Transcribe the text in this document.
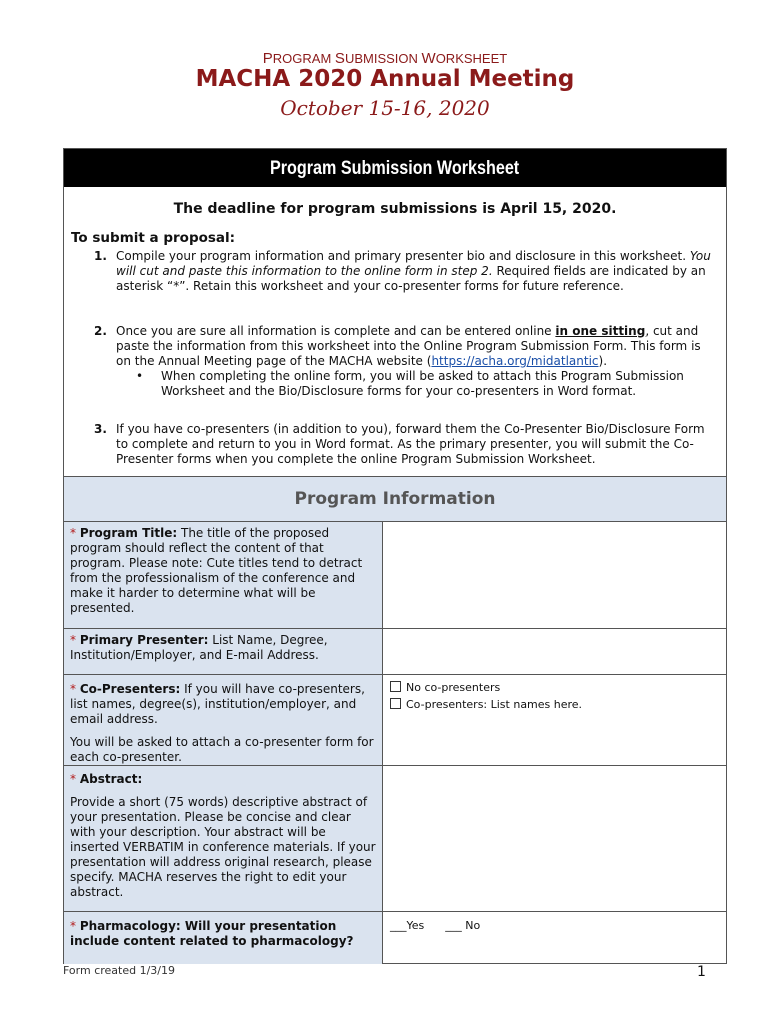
PROGRAM SUBMISSION WORKSHEET
MACHA 2020 Annual Meeting
October 15-16, 2020
Program Submission Worksheet
The deadline for program submissions is April 15, 2020.
To submit a proposal:
1. Compile your program information and primary presenter bio and disclosure in this worksheet. You will cut and paste this information to the online form in step 2. Required fields are indicated by an asterisk “*”. Retain this worksheet and your co-presenter forms for future reference.
2. Once you are sure all information is complete and can be entered online in one sitting, cut and paste the information from this worksheet into the Online Program Submission Form. This form is on the Annual Meeting page of the MACHA website (https://acha.org/midatlantic).
• When completing the online form, you will be asked to attach this Program Submission Worksheet and the Bio/Disclosure forms for your co-presenters in Word format.
3. If you have co-presenters (in addition to you), forward them the Co-Presenter Bio/Disclosure Form to complete and return to you in Word format. As the primary presenter, you will submit the Co-Presenter forms when you complete the online Program Submission Worksheet.
Program Information
* Program Title: The title of the proposed program should reflect the content of that program. Please note: Cute titles tend to detract from the professionalism of the conference and make it harder to determine what will be presented.
* Primary Presenter: List Name, Degree, Institution/Employer, and E-mail Address.
* Co-Presenters: If you will have co-presenters, list names, degree(s), institution/employer, and email address.
You will be asked to attach a co-presenter form for each co-presenter.
No co-presenters
Co-presenters: List names here.
* Abstract:
Provide a short (75 words) descriptive abstract of your presentation. Please be concise and clear with your description. Your abstract will be inserted VERBATIM in conference materials. If your presentation will address original research, please specify. MACHA reserves the right to edit your abstract.
* Pharmacology: Will your presentation include content related to pharmacology?
___Yes ___ No
Form created 1/3/19	1
